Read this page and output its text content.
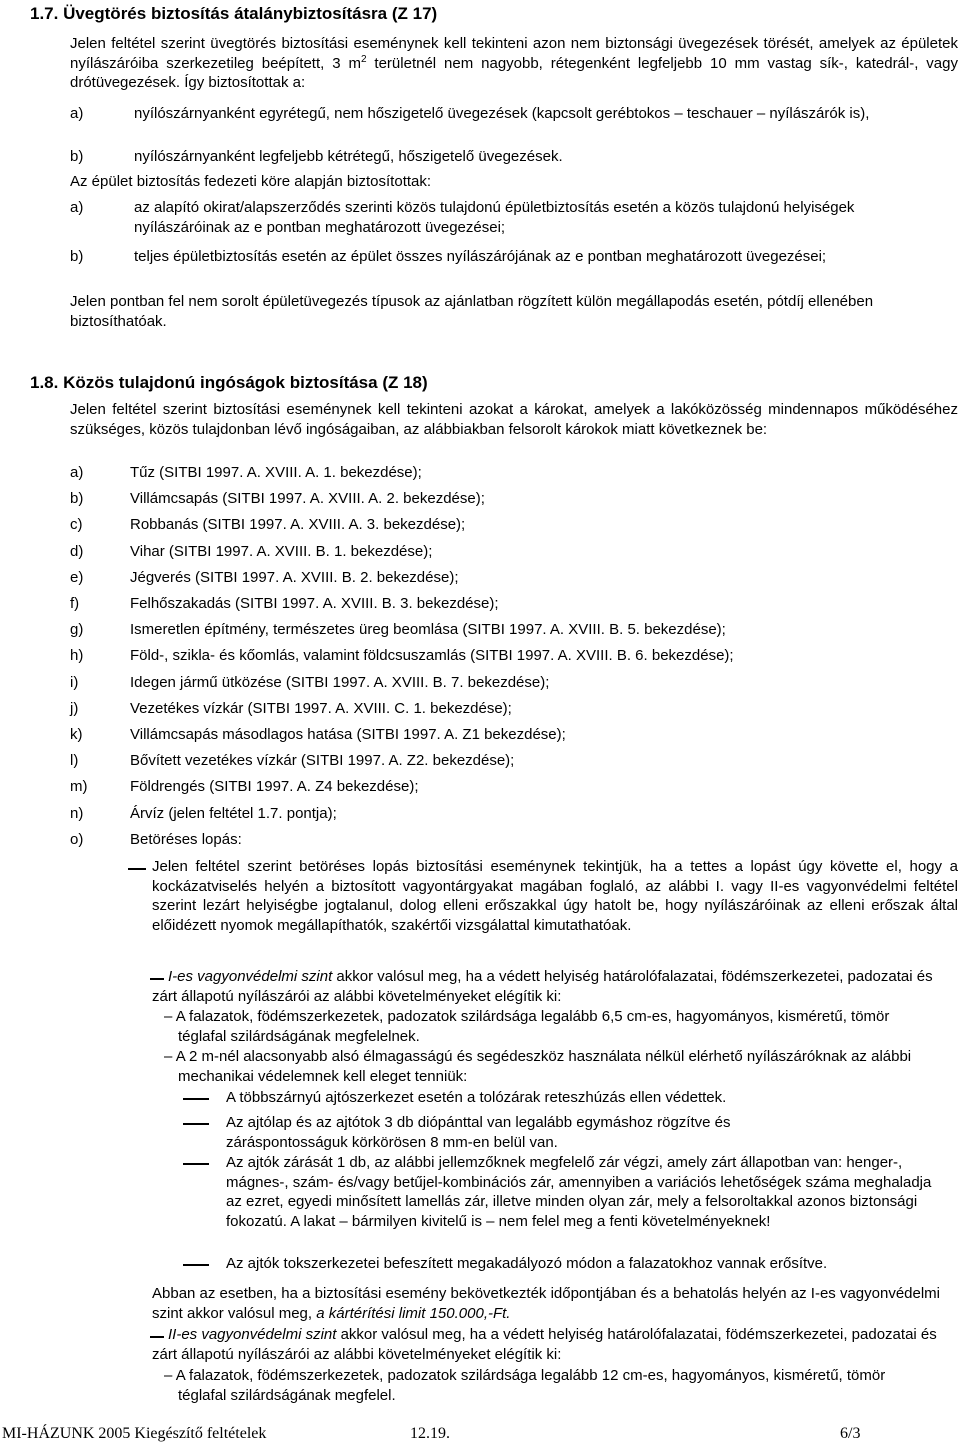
1.7. Üvegtörés biztosítás átalánybiztosításra (Z 17)

Jelen feltétel szerint üvegtörés biztosítási eseménynek kell tekinteni azon nem biztonsági üvegezések törését, amelyek az épületek nyílászáróiba szerkezetileg beépített, 3 $m^2$ területnél nem nagyobb, rétegenként legfeljebb 10 mm vastag sík-, katedrál-, vagy drótüvegezések. Így biztosítottak a:

a)	nyílószárnyanként egyrétegű, nem hőszigetelő üvegezések (kapcsolt gerébtokos – teschauer – nyílászárók is),

b)	nyílószárnyanként legfeljebb kétrétegű, hőszigetelő üvegezések.

Az épület biztosítás fedezeti köre alapján biztosítottak:

a)	az alapító okirat/alapszerződés szerinti közös tulajdonú épületbiztosítás esetén a közös tulajdonú helyiségek nyílászáróinak az e pontban meghatározott üvegezései;

b)	teljes épületbiztosítás esetén az épület összes nyílászárójának az e pontban meghatározott üvegezései;

Jelen pontban fel nem sorolt épületüvegezés típusok az ajánlatban rögzített külön megállapodás esetén, pótdíj ellenében biztosíthatóak.

1.8. Közös tulajdonú ingóságok biztosítása (Z 18)

Jelen feltétel szerint biztosítási eseménynek kell tekinteni azokat a károkat, amelyek a lakóközösség mindennapos működéséhez szükséges, közös tulajdonban lévő ingóságaiban, az alábbiakban felsorolt károkok miatt következnek be:

a)	Tűz (SITBI 1997. A. XVIII. A. 1. bekezdése);
b)	Villámcsapás (SITBI 1997. A. XVIII. A. 2. bekezdése);
c)	Robbanás (SITBI 1997. A. XVIII. A. 3. bekezdése);
d)	Vihar (SITBI 1997. A. XVIII. B. 1. bekezdése);
e)	Jégverés (SITBI 1997. A. XVIII. B. 2. bekezdése);
f)	Felhőszakadás (SITBI 1997. A. XVIII. B. 3. bekezdése);
g)	Ismeretlen építmény, természetes üreg beomlása (SITBI 1997. A. XVIII. B. 5. bekezdése);
h)	Föld-, szikla- és kőomlás, valamint földcsuszamlás (SITBI 1997. A. XVIII. B. 6. bekezdése);
i)	Idegen jármű ütközése (SITBI 1997. A. XVIII. B. 7. bekezdése);
j)	Vezetékes vízkár (SITBI 1997. A. XVIII. C. 1. bekezdése);
k)	Villámcsapás másodlagos hatása (SITBI 1997. A. Z1 bekezdése);
l)	Bővített vezetékes vízkár (SITBI 1997. A. Z2. bekezdése);
m)	Földrengés (SITBI 1997. A. Z4 bekezdése);
n)	Árvíz (jelen feltétel 1.7. pontja);
o)	Betöréses lopás:

Jelen feltétel szerint betöréses lopás biztosítási eseménynek tekintjük, ha a tettes a lopást úgy követte el, hogy a kockázatviselés helyén a biztosított vagyontárgyakat magában foglaló, az alábbi I. vagy II-es vagyonvédelmi feltétel szerint lezárt helyiségbe jogtalanul, dolog elleni erőszakkal úgy hatolt be, hogy nyílászáróinak az elleni erőszak által előidézett nyomok megállapíthatók, szakértői vizsgálattal kimutathatóak.

I-es vagyonvédelmi szint akkor valósul meg, ha a védett helyiség határolófalazatai, födémszerkezetei, padozatai és zárt állapotú nyílászárói az alábbi követelményeket elégítik ki:

– A falazatok, födémszerkezetek, padozatok szilárdsága legalább 6,5 cm-es, hagyományos, kisméretű, tömör téglafal szilárdságának megfelelnek.

– A 2 m-nél alacsonyabb alsó élmagasságú és segédeszköz használata nélkül elérhető nyílászáróknak az alábbi mechanikai védelemnek kell eleget tenniük:

A többszárnyú ajtószerkezet esetén a tolózárak reteszhúzás ellen védettek.

Az ajtólap és az ajtótok 3 db diópánttal van legalább egymáshoz rögzítve és záráspontosságuk körkörösen 8 mm-en belül van.

Az ajtók zárását 1 db, az alábbi jellemzőknek megfelelő zár végzi, amely zárt állapotban van: henger-, mágnes-, szám- és/vagy betűjel-kombinációs zár, amennyiben a variációs lehetőségek száma meghaladja az ezret, egyedi minősített lamellás zár, illetve minden olyan zár, mely a felsoroltakkal azonos biztonsági fokozatú. A lakat – bármilyen kivitelű is – nem felel meg a fenti követelményeknek!

Az ajtók tokszerkezetei befeszített megakadályozó módon a falazatokhoz vannak erősítve.

Abban az esetben, ha a biztosítási esemény bekövetkezték időpontjában és a behatolás helyén az I-es vagyonvédelmi szint akkor valósul meg, a kártérítési limit 150.000,-Ft.

II-es vagyonvédelmi szint akkor valósul meg, ha a védett helyiség határolófalazatai, födémszerkezetei, padozatai és zárt állapotú nyílászárói az alábbi követelményeket elégítik ki:

– A falazatok, födémszerkezetek, padozatok szilárdsága legalább 12 cm-es, hagyományos, kisméretű, tömör téglafal szilárdságának megfelel.

MI-HÁZUNK 2005 Kiegészítő feltételek	12.19.	6/3
